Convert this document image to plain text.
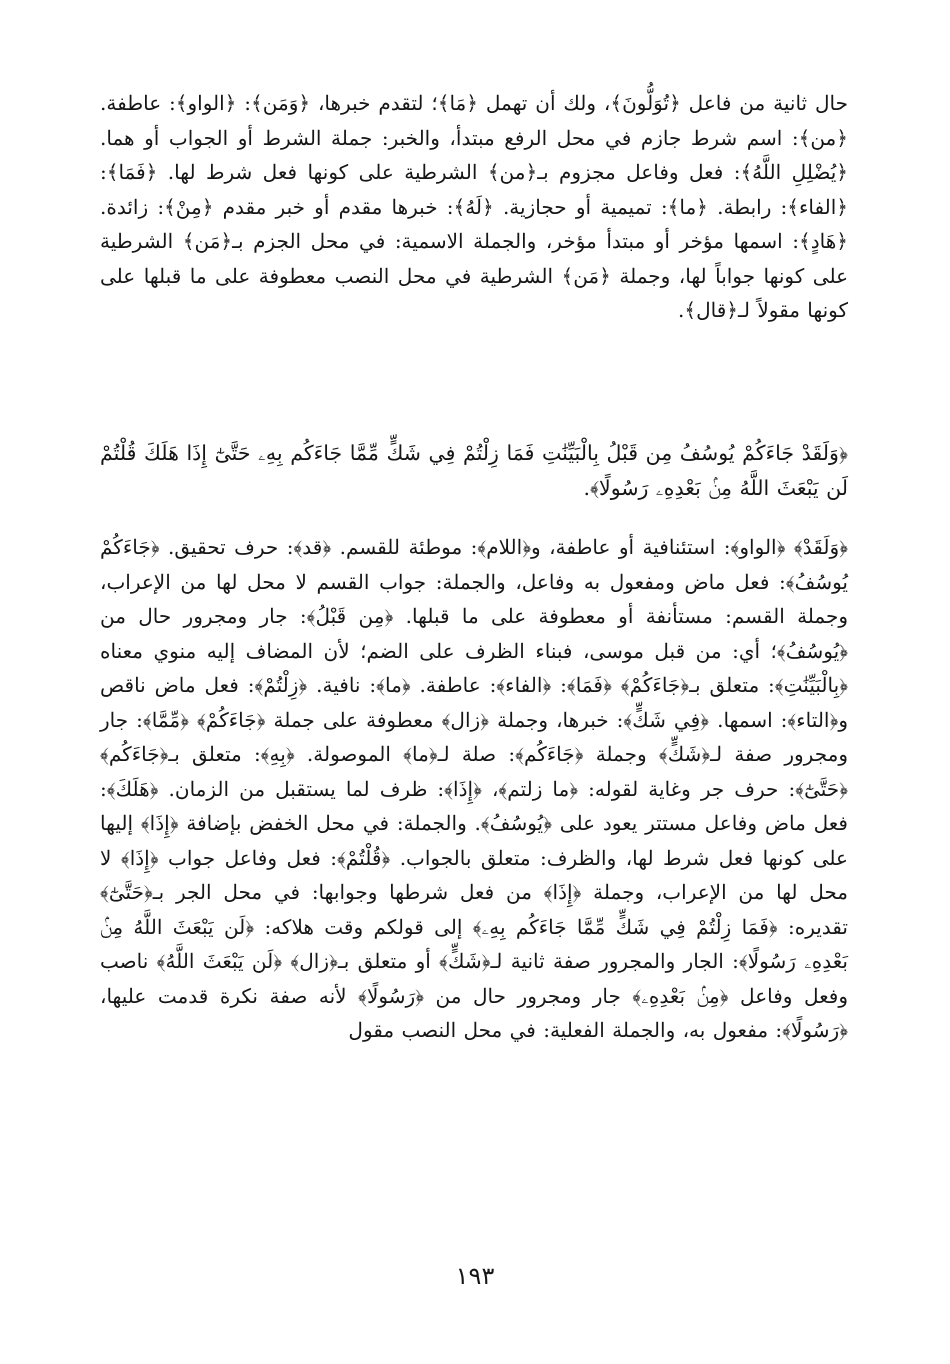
حال ثانية من فاعل ﴿تُوَلُّونَ﴾، ولك أن تهمل ﴿مَا﴾؛ لتقدم خبرها، ﴿وَمَن﴾: ﴿الواو﴾: عاطفة. ﴿من﴾: اسم شرط جازم في محل الرفع مبتدأ، والخبر: جملة الشرط أو الجواب أو هما. ﴿يُضْلِلِ اللَّهُ﴾: فعل وفاعل مجزوم بـ﴿من﴾ الشرطية على كونها فعل شرط لها. ﴿فَمَا﴾: ﴿الفاء﴾: رابطة. ﴿ما﴾: تميمية أو حجازية. ﴿لَهُ﴾: خبرها مقدم أو خبر مقدم ﴿مِنْ﴾: زائدة. ﴿هَادٍ﴾: اسمها مؤخر أو مبتدأ مؤخر، والجملة الاسمية: في محل الجزم بـ﴿مَن﴾ الشرطية على كونها جواباً لها، وجملة ﴿مَن﴾ الشرطية في محل النصب معطوفة على ما قبلها على كونها مقولاً لـ﴿قال﴾.

﴿وَلَقَدْ جَاءَكُمْ يُوسُفُ مِن قَبْلُ بِالْبَيِّنَٰتِ فَمَا زِلْتُمْ فِي شَكٍّ مِّمَّا جَاءَكُم بِهِۦ حَتَّىٰٓ إِذَا هَلَكَ قُلْتُمْ لَن يَبْعَثَ اللَّهُ مِنۢ بَعْدِهِۦ رَسُولًا﴾.

﴿وَلَقَدْ﴾ ﴿الواو﴾: استئنافية أو عاطفة، و﴿اللام﴾: موطئة للقسم. ﴿قد﴾: حرف تحقيق. ﴿جَاءَكُمْ يُوسُفُ﴾: فعل ماض ومفعول به وفاعل، والجملة: جواب القسم لا محل لها من الإعراب، وجملة القسم: مستأنفة أو معطوفة على ما قبلها. ﴿مِن قَبْلُ﴾: جار ومجرور حال من ﴿يُوسُفُ﴾؛ أي: من قبل موسى، فبناء الظرف على الضم؛ لأن المضاف إليه منوي معناه ﴿بِالْبَيِّنَٰتِ﴾: متعلق بـ﴿جَاءَكُمْ﴾ ﴿فَمَا﴾: ﴿الفاء﴾: عاطفة. ﴿ما﴾: نافية. ﴿زِلْتُمْ﴾: فعل ماض ناقص و﴿التاء﴾: اسمها. ﴿فِي شَكٍّ﴾: خبرها، وجملة ﴿زال﴾ معطوفة على جملة ﴿جَاءَكُمْ﴾ ﴿مِّمَّا﴾: جار ومجرور صفة لـ﴿شَكٍّ﴾ وجملة ﴿جَاءَكُم﴾: صلة لـ﴿ما﴾ الموصولة. ﴿بِهِ﴾: متعلق بـ﴿جَاءَكُم﴾ ﴿حَتَّىٰٓ﴾: حرف جر وغاية لقوله: ﴿ما زلتم﴾، ﴿إِذَا﴾: ظرف لما يستقبل من الزمان. ﴿هَلَكَ﴾: فعل ماض وفاعل مستتر يعود على ﴿يُوسُفُ﴾. والجملة: في محل الخفض بإضافة ﴿إِذَا﴾ إليها على كونها فعل شرط لها، والظرف: متعلق بالجواب. ﴿قُلْتُمْ﴾: فعل وفاعل جواب ﴿إِذَا﴾ لا محل لها من الإعراب، وجملة ﴿إِذَا﴾ من فعل شرطها وجوابها: في محل الجر بـ﴿حَتَّىٰٓ﴾ تقديره: ﴿فَمَا زِلْتُمْ فِي شَكٍّ مِّمَّا جَاءَكُم بِهِۦ﴾ إلى قولكم وقت هلاكه: ﴿لَن يَبْعَثَ اللَّهُ مِنۢ بَعْدِهِۦ رَسُولًا﴾: الجار والمجرور صفة ثانية لـ﴿شَكٍّ﴾ أو متعلق بـ﴿زال﴾ ﴿لَن يَبْعَثَ اللَّهُ﴾ ناصب وفعل وفاعل ﴿مِنۢ بَعْدِهِۦ﴾ جار ومجرور حال من ﴿رَسُولًا﴾ لأنه صفة نكرة قدمت عليها، ﴿رَسُولًا﴾: مفعول به، والجملة الفعلية: في محل النصب مقول

١٩٣
